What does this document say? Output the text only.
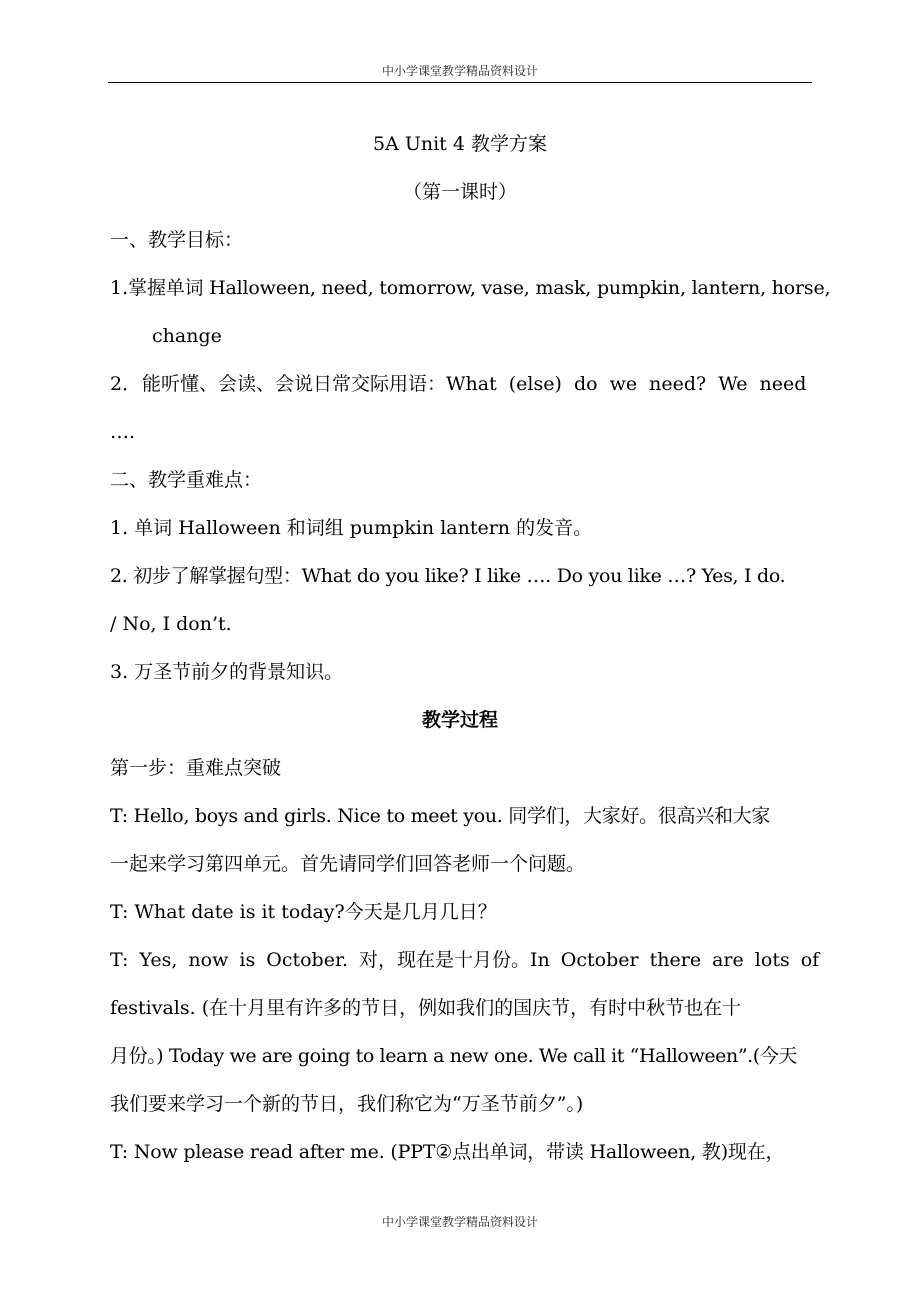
中小学课堂教学精品资料设计

5A Unit 4 教学方案

（第一课时）

一、教学目标：

1. 掌握单词 Halloween, need, tomorrow, vase, mask, pumpkin, lantern, horse,

change

2． 能听懂、会读、会说日常交际用语：What (else) do we need? We need

….

二、教学重难点：

1. 单词 Halloween 和词组 pumpkin lantern 的发音。

2. 初步了解掌握句型：What do you like? I like …. Do you like …? Yes, I do.

/ No, I don’t.

3. 万圣节前夕的背景知识。

教学过程

第一步：重难点突破

T: Hello, boys and girls. Nice to meet you. 同学们，大家好。很高兴和大家

一起来学习第四单元。首先请同学们回答老师一个问题。

T: What date is it today?今天是几月几日？

T: Yes, now is October. 对，现在是十月份。In October there are lots of

festivals. (在十月里有许多的节日，例如我们的国庆节，有时中秋节也在十

月份。) Today we are going to learn a new one. We call it “Halloween”.(今天

我们要来学习一个新的节日，我们称它为“万圣节前夕”。)

T: Now please read after me. (PPT②点出单词，带读 Halloween, 教)现在，

中小学课堂教学精品资料设计
